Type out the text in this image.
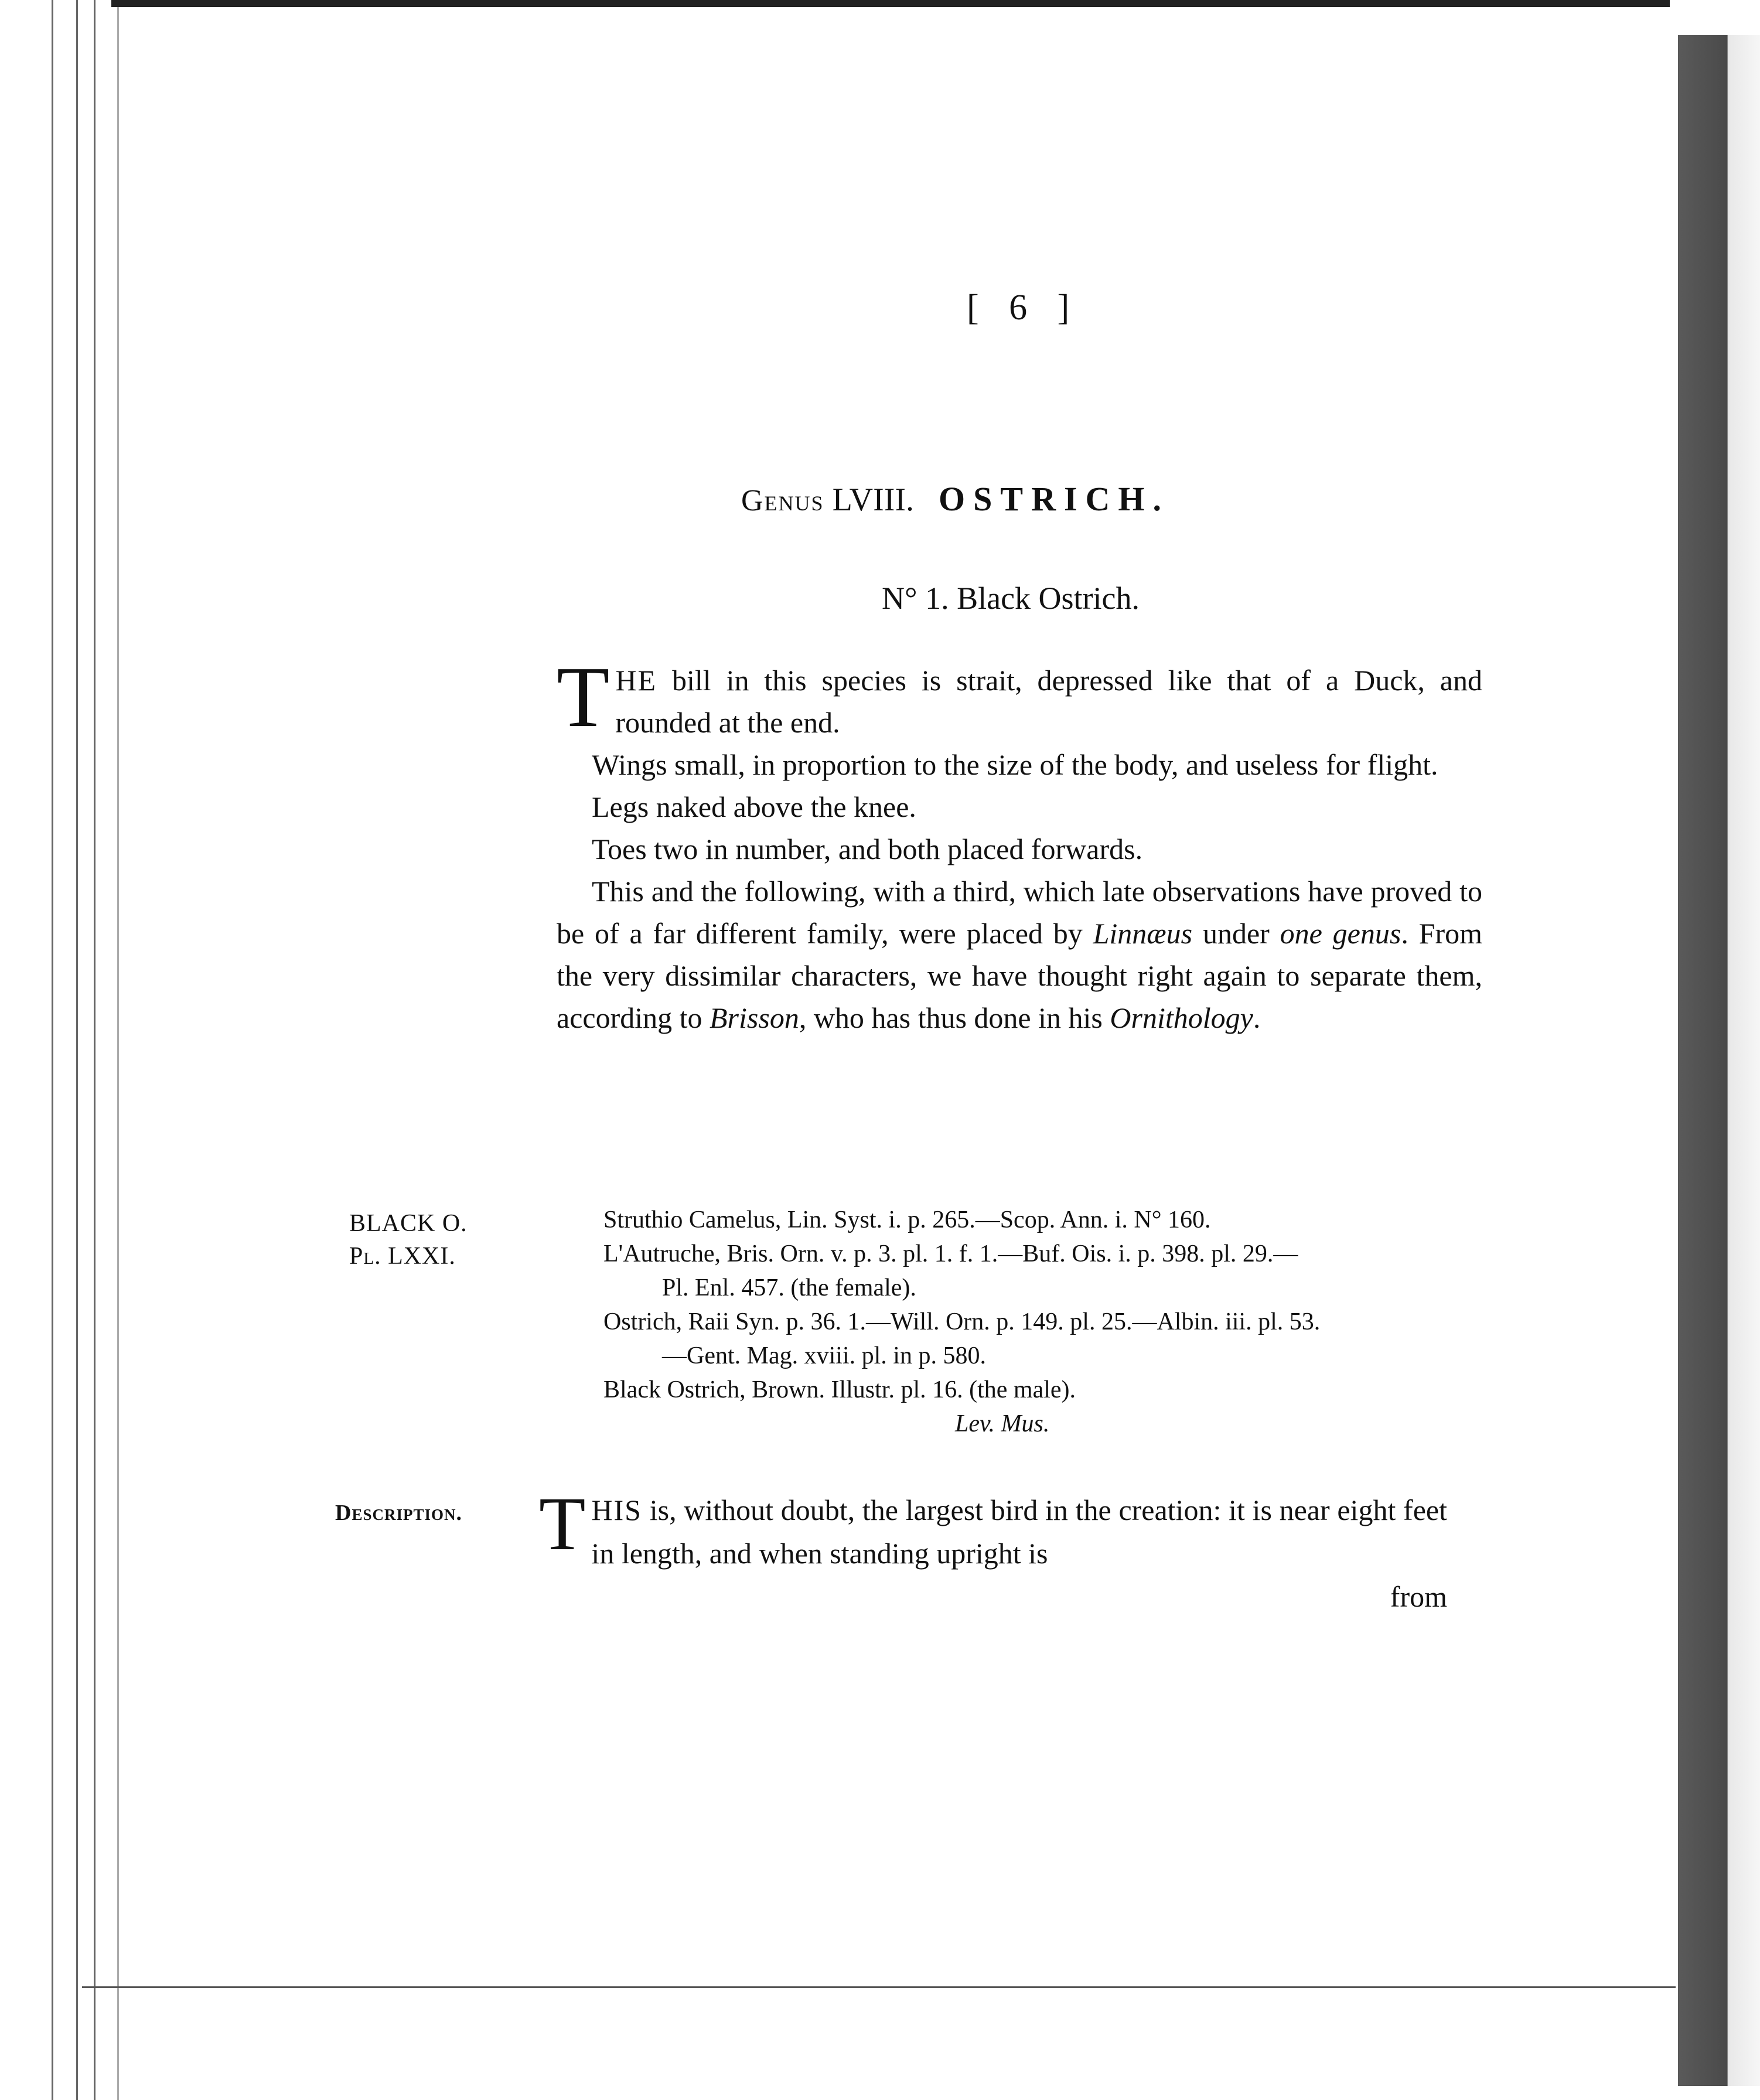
[ 6 ]
Genus LVIII. OSTRICH.
N° 1. Black Ostrich.

THE bill in this species is strait, depressed like that of a Duck, and rounded at the end.

Wings small, in proportion to the size of the body, and useless for flight.

Legs naked above the knee.

Toes two in number, and both placed forwards.

This and the following, with a third, which late observations have proved to be of a far different family, were placed by Linnæus under one genus. From the very dissimilar characters, we have thought right again to separate them, according to Brisson, who has thus done in his Ornithology.

BLACK O.
Pl. LXXI.

Struthio Camelus, Lin. Syst. i. p. 265.—Scop. Ann. i. N° 160.

L'Autruche, Bris. Orn. v. p. 3. pl. 1. f. 1.—Buf. Ois. i. p. 398. pl. 29.—

Pl. Enl. 457. (the female).

Ostrich, Raii Syn. p. 36. 1.—Will. Orn. p. 149. pl. 25.—Albin. iii. pl. 53.

—Gent. Mag. xviii. pl. in p. 580.

Black Ostrich, Brown. Illustr. pl. 16. (the male).

Lev. Mus.

Description. THIS is, without doubt, the largest bird in the creation: it is near eight feet in length, and when standing upright is

from
